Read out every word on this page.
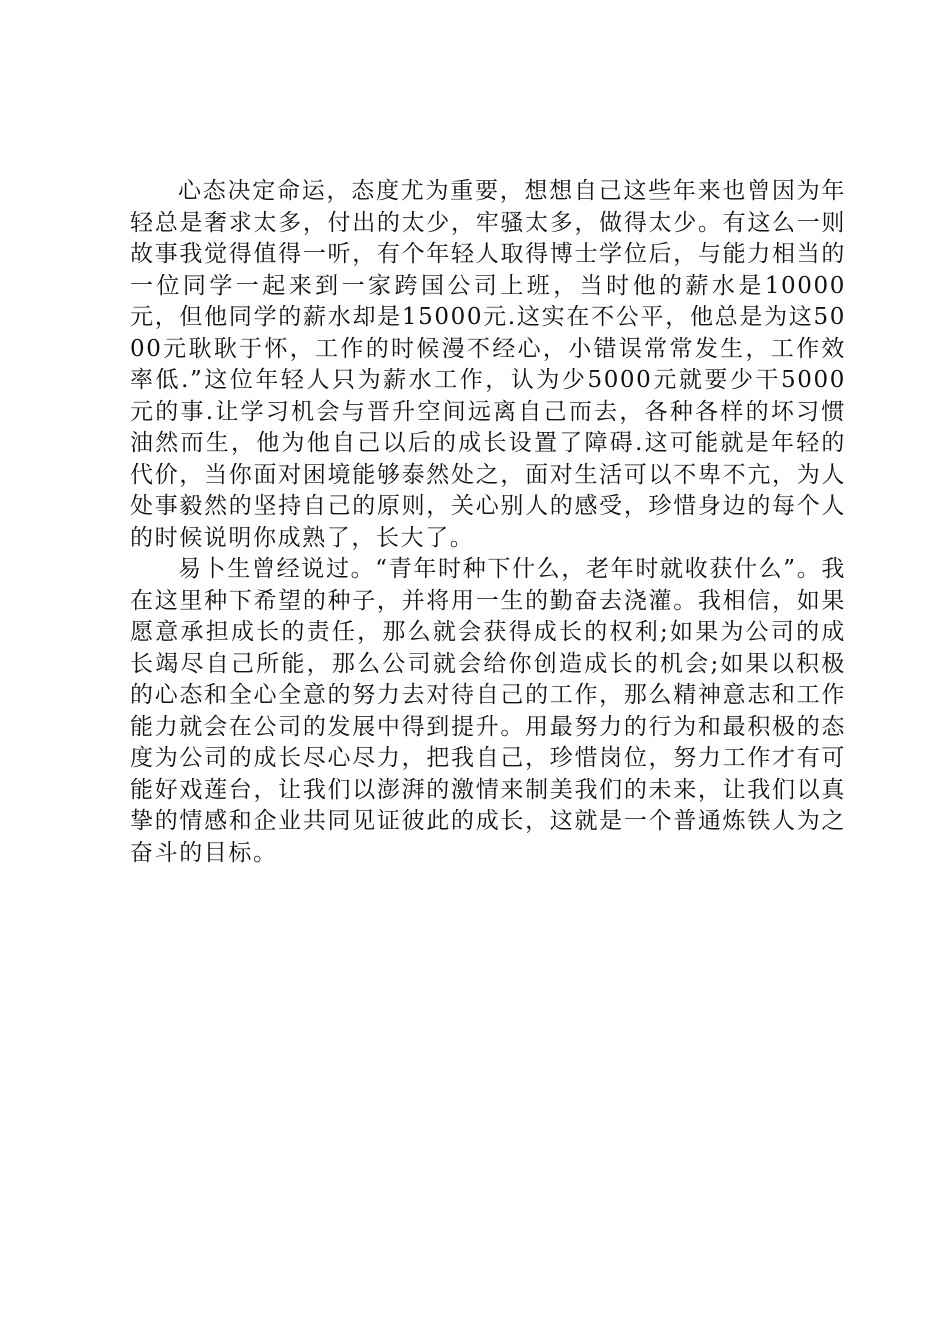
心态决定命运，态度尤为重要，想想自己这些年来也曾因为年轻总是奢求太多，付出的太少，牢骚太多，做得太少。有这么一则故事我觉得值得一听，有个年轻人取得博士学位后，与能力相当的一位同学一起来到一家跨国公司上班，当时他的薪水是10000元，但他同学的薪水却是15000元.这实在不公平，他总是为这5000元耿耿于怀，工作的时候漫不经心，小错误常常发生，工作效率低.”这位年轻人只为薪水工作，认为少5000元就要少干5000元的事.让学习机会与晋升空间远离自己而去，各种各样的坏习惯油然而生，他为他自己以后的成长设置了障碍.这可能就是年轻的代价，当你面对困境能够泰然处之，面对生活可以不卑不亢，为人处事毅然的坚持自己的原则，关心别人的感受，珍惜身边的每个人的时候说明你成熟了，长大了。

易卜生曾经说过。“青年时种下什么，老年时就收获什么”。我在这里种下希望的种子，并将用一生的勤奋去浇灌。我相信，如果愿意承担成长的责任，那么就会获得成长的权利;如果为公司的成长竭尽自己所能，那么公司就会给你创造成长的机会;如果以积极的心态和全心全意的努力去对待自己的工作，那么精神意志和工作能力就会在公司的发展中得到提升。用最努力的行为和最积极的态度为公司的成长尽心尽力，把我自己，珍惜岗位，努力工作才有可能好戏莲台，让我们以澎湃的激情来制美我们的未来，让我们以真挚的情感和企业共同见证彼此的成长，这就是一个普通炼铁人为之奋斗的目标。
